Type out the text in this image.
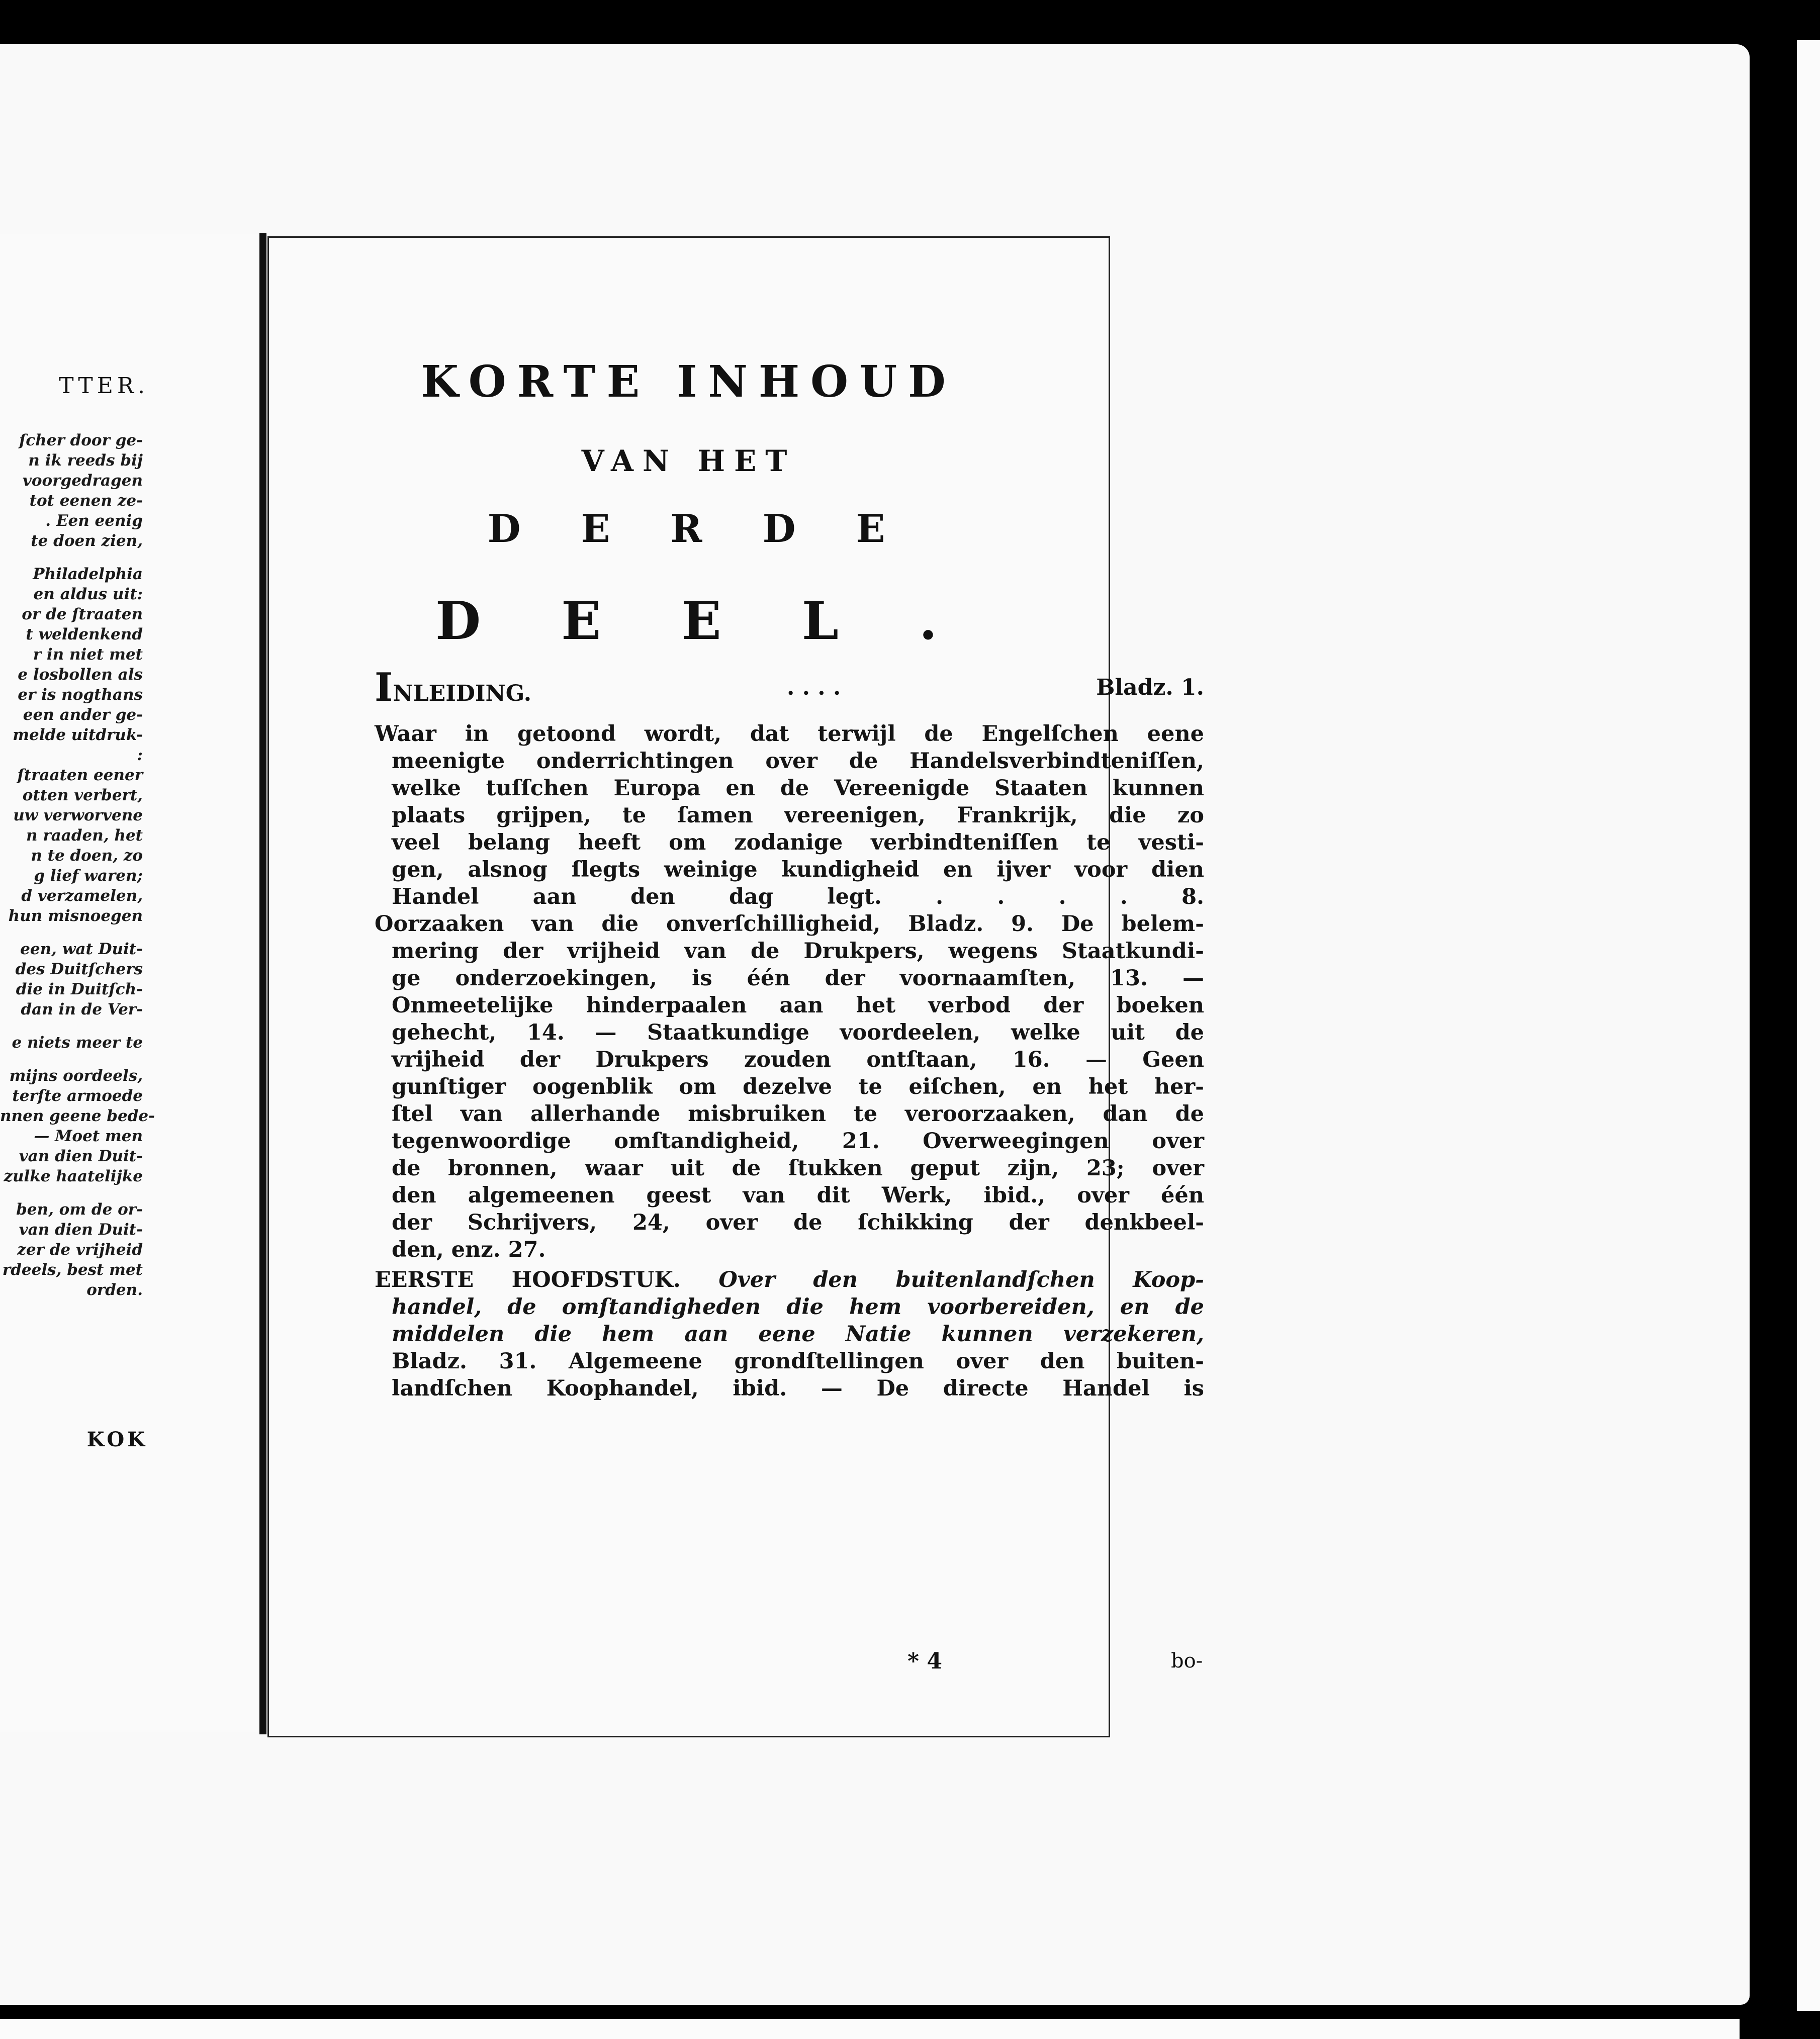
TTER.
ſcher door ge-
n ik reeds bij
voorgedragen
tot eenen ze-
. Een eenig
te doen zien,

Philadelphia
en aldus uit:
or de ſtraaten
t weldenkend
r in niet met
e losbollen als
er is nogthans
een ander ge-
melde uitdruk-
:
ſtraaten eener
otten verbert,
uw verworvene
n raaden, het
n te doen, zo
g lief waren;
d verzamelen,
hun misnoegen

een, wat Duit-
des Duitſchers
die in Duitſch-
dan in de Ver-

e niets meer te

mijns oordeels,
terſte armoede
nnen geene bede-
— Moet men
van dien Duit-
zulke haatelijke

ben, om de or-
van dien Duit-
zer de vrijheid
rdeels, best met
orden.
KOK
KORTE INHOUD
VAN HET
DERDE
DEEL.
INLEIDING.	. . . .	Bladz. 1.
Waar in getoond wordt, dat terwijl de Engelſchen eene
meenigte onderrichtingen over de Handelsverbindteniſſen,
welke tuſſchen Europa en de Vereenigde Staaten kunnen
plaats grijpen, te ſamen vereenigen, Frankrijk, die zo
veel belang heeft om zodanige verbindteniſſen te vesti-
gen, alsnog ſlegts weinige kundigheid en ijver voor dien
Handel aan den dag legt. . . . . 8.
Oorzaaken van die onverſchilligheid, Bladz. 9. De belem-
mering der vrijheid van de Drukpers, wegens Staatkundi-
ge onderzoekingen, is één der voornaamſten, 13. —
Onmeetelijke hinderpaalen aan het verbod der boeken
gehecht, 14. — Staatkundige voordeelen, welke uit de
vrijheid der Drukpers zouden ontſtaan, 16. — Geen
gunſtiger oogenblik om dezelve te eiſchen, en het her-
ſtel van allerhande misbruiken te veroorzaaken, dan de
tegenwoordige omſtandigheid, 21. Overweegingen over
de bronnen, waar uit de ſtukken geput zijn, 23; over
den algemeenen geest van dit Werk, ibid., over één
der Schrijvers, 24, over de ſchikking der denkbeel-
den, enz. 27.
EERSTE HOOFDSTUK. Over den buitenlandſchen Koop-
handel, de omſtandigheden die hem voorbereiden, en de
middelen die hem aan eene Natie kunnen verzekeren,
Bladz. 31. Algemeene grondſtellingen over den buiten-
landſchen Koophandel, ibid. — De directe Handel is
* 4	bo-
